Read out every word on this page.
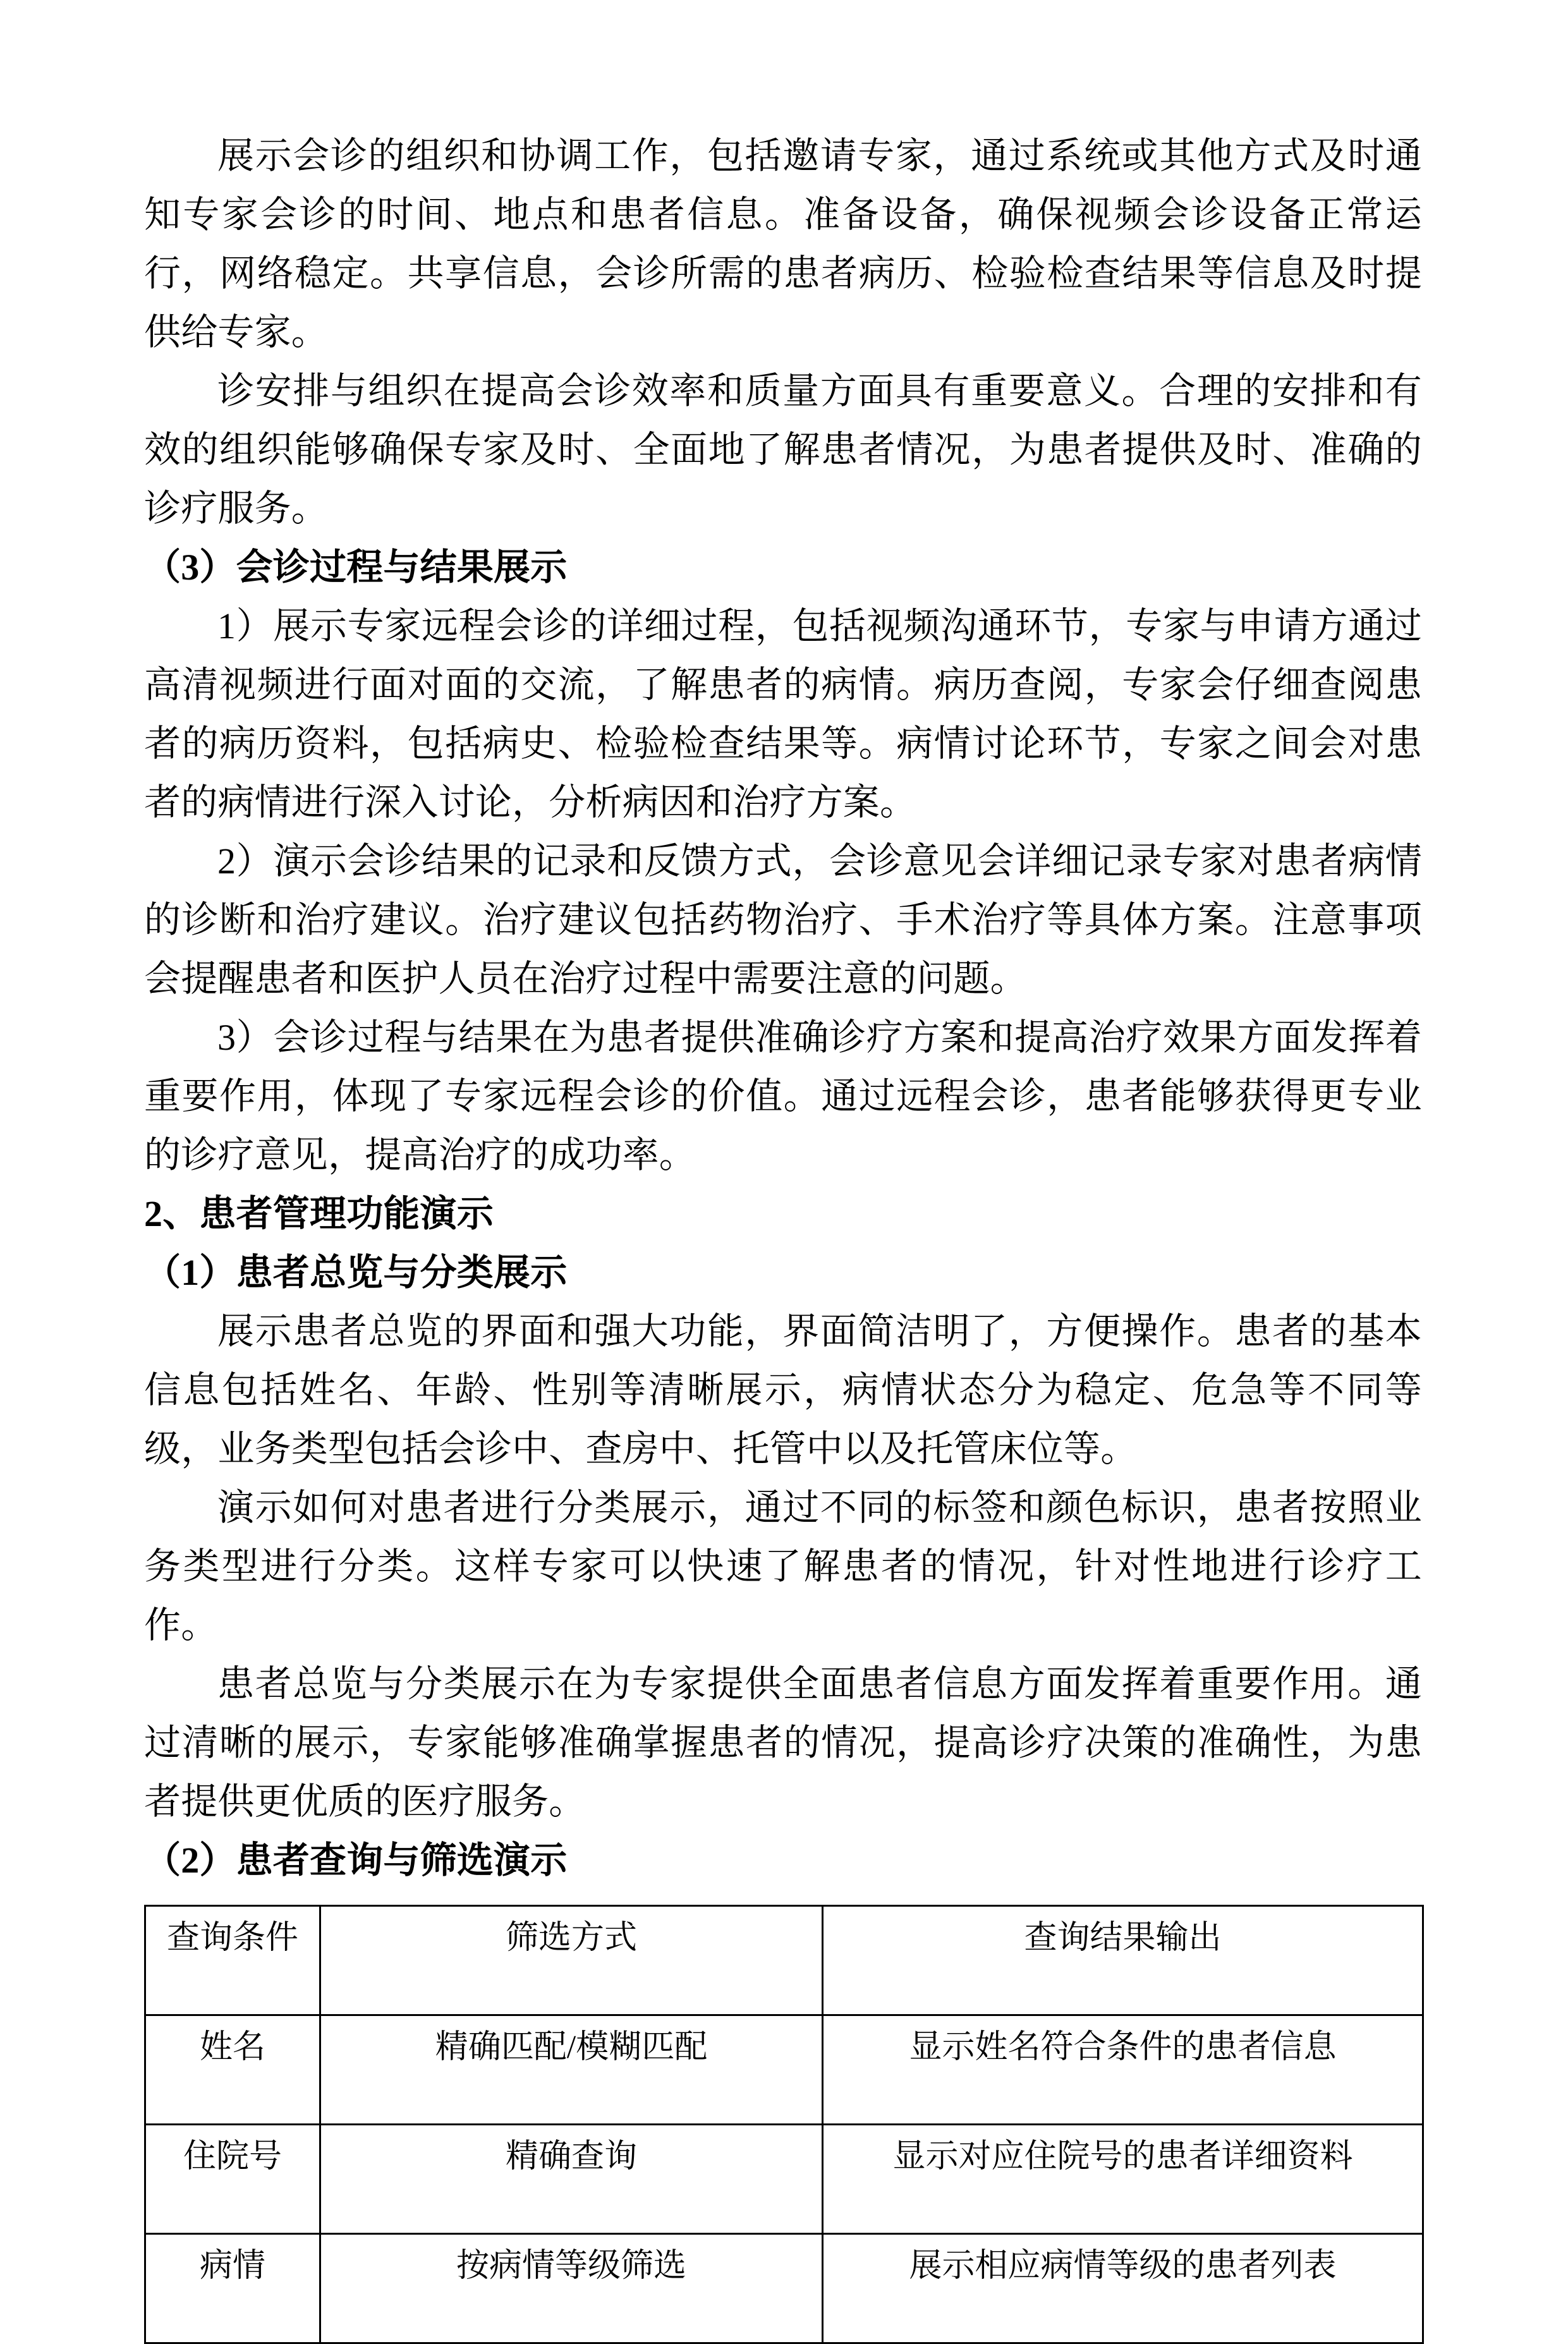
展示会诊的组织和协调工作，包括邀请专家，通过系统或其他方式及时通知专家会诊的时间、地点和患者信息。准备设备，确保视频会诊设备正常运行，网络稳定。共享信息，会诊所需的患者病历、检验检查结果等信息及时提供给专家。

诊安排与组织在提高会诊效率和质量方面具有重要意义。合理的安排和有效的组织能够确保专家及时、全面地了解患者情况，为患者提供及时、准确的诊疗服务。

（3）会诊过程与结果展示

1）展示专家远程会诊的详细过程，包括视频沟通环节，专家与申请方通过高清视频进行面对面的交流，了解患者的病情。病历查阅，专家会仔细查阅患者的病历资料，包括病史、检验检查结果等。病情讨论环节，专家之间会对患者的病情进行深入讨论，分析病因和治疗方案。

2）演示会诊结果的记录和反馈方式，会诊意见会详细记录专家对患者病情的诊断和治疗建议。治疗建议包括药物治疗、手术治疗等具体方案。注意事项会提醒患者和医护人员在治疗过程中需要注意的问题。

3）会诊过程与结果在为患者提供准确诊疗方案和提高治疗效果方面发挥着重要作用，体现了专家远程会诊的价值。通过远程会诊，患者能够获得更专业的诊疗意见，提高治疗的成功率。

2、患者管理功能演示

（1）患者总览与分类展示

展示患者总览的界面和强大功能，界面简洁明了，方便操作。患者的基本信息包括姓名、年龄、性别等清晰展示，病情状态分为稳定、危急等不同等级，业务类型包括会诊中、查房中、托管中以及托管床位等。

演示如何对患者进行分类展示，通过不同的标签和颜色标识，患者按照业务类型进行分类。这样专家可以快速了解患者的情况，针对性地进行诊疗工作。

患者总览与分类展示在为专家提供全面患者信息方面发挥着重要作用。通过清晰的展示，专家能够准确掌握患者的情况，提高诊疗决策的准确性，为患者提供更优质的医疗服务。

（2）患者查询与筛选演示

查询条件	筛选方式	查询结果输出
姓名	精确匹配/模糊匹配	显示姓名符合条件的患者信息
住院号	精确查询	显示对应住院号的患者详细资料
病情	按病情等级筛选	展示相应病情等级的患者列表
